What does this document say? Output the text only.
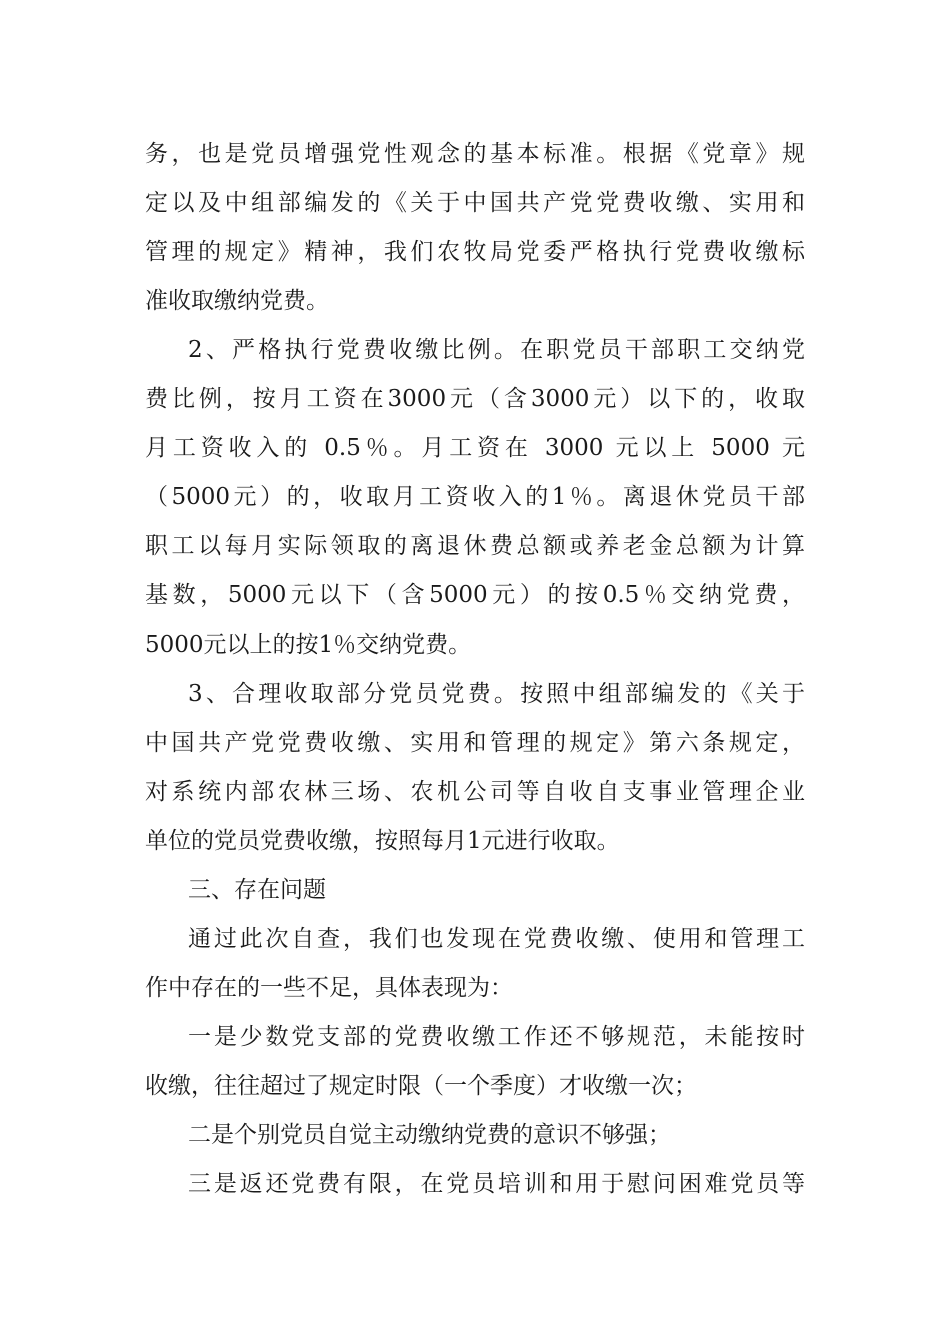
务，也是党员增强党性观念的基本标准。根据《党章》规
定以及中组部编发的《关于中国共产党党费收缴、实用和
管理的规定》精神，我们农牧局党委严格执行党费收缴标
准收取缴纳党费。
2、严格执行党费收缴比例。在职党员干部职工交纳党
费比例，按月工资在3000元（含3000元）以下的，收取
月工资收入的 0.5％。月工资在 3000 元以上 5000 元
（5000元）的，收取月工资收入的1％。离退休党员干部
职工以每月实际领取的离退休费总额或养老金总额为计算
基数，5000元以下（含5000元）的按0.5％交纳党费，
5000元以上的按1％交纳党费。
3、合理收取部分党员党费。按照中组部编发的《关于
中国共产党党费收缴、实用和管理的规定》第六条规定，
对系统内部农林三场、农机公司等自收自支事业管理企业
单位的党员党费收缴，按照每月1元进行收取。
三、存在问题
通过此次自查，我们也发现在党费收缴、使用和管理工
作中存在的一些不足，具体表现为：
一是少数党支部的党费收缴工作还不够规范，未能按时
收缴，往往超过了规定时限（一个季度）才收缴一次；
二是个别党员自觉主动缴纳党费的意识不够强；
三是返还党费有限，在党员培训和用于慰问困难党员等
